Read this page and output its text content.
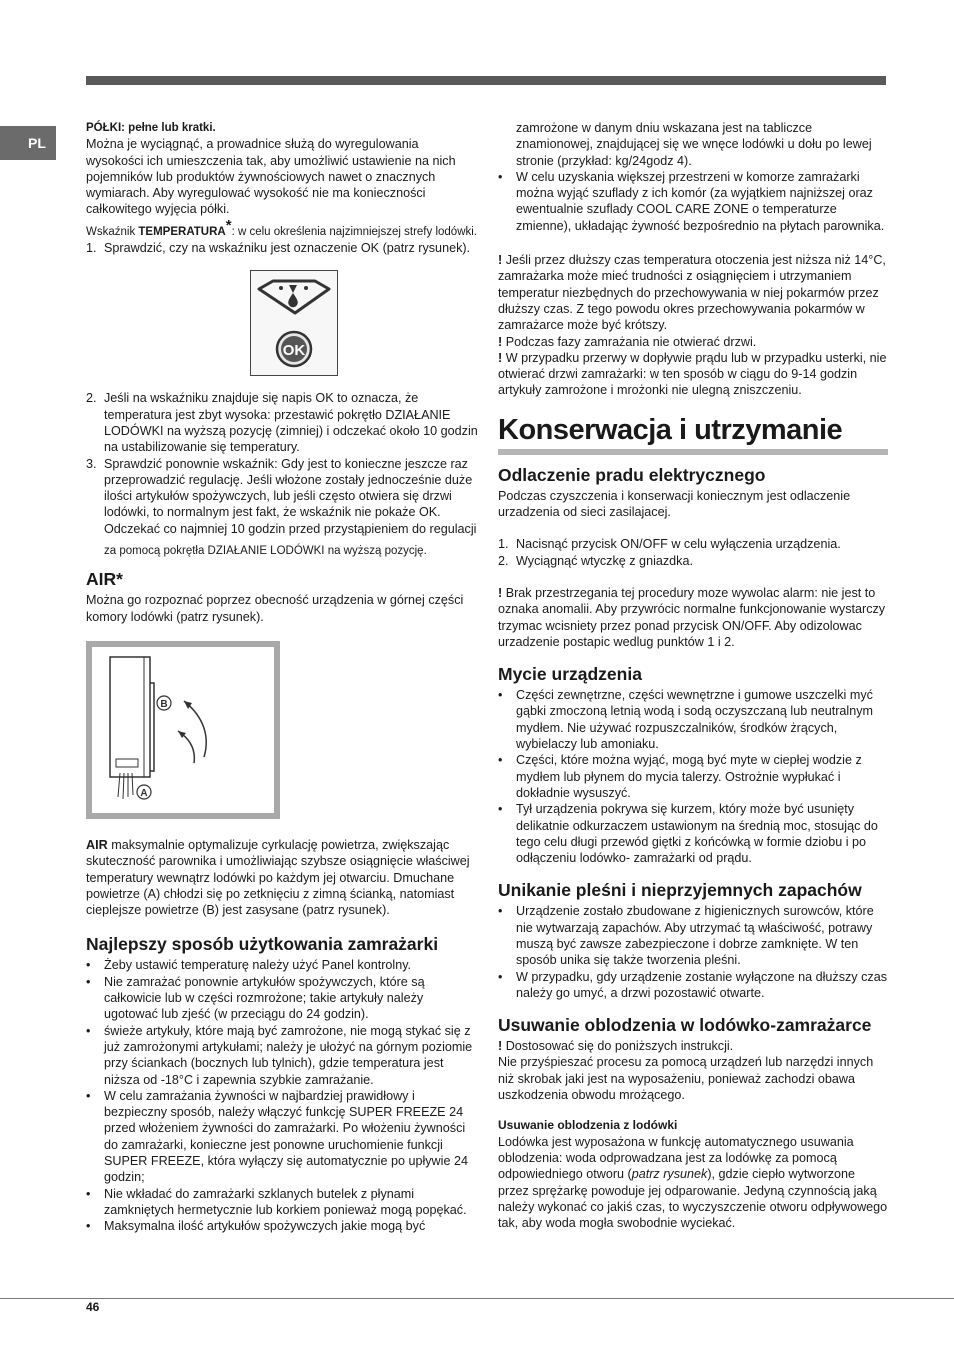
PL

PÓŁKI: pełne lub kratki.

Można je wyciągnąć, a prowadnice służą do wyregulowania wysokości ich umieszczenia tak, aby umożliwić ustawienie na nich pojemników lub produktów żywnościowych nawet o znacznych wymiarach. Aby wyregulować wysokość nie ma konieczności całkowitego wyjęcia półki.

Wskaźnik TEMPERATURA*: w celu określenia najzimniejszej strefy lodówki.

1. Sprawdzić, czy na wskaźniku jest oznaczenie OK (patrz rysunek).
OK
2. Jeśli na wskaźniku znajduje się napis OK to oznacza, że temperatura jest zbyt wysoka: przestawić pokrętło DZIAŁANIE LODÓWKI na wyższą pozycję (zimniej) i odczekać około 10 godzin na ustabilizowanie się temperatury.
3. Sprawdzić ponownie wskaźnik: Gdy jest to konieczne jeszcze raz przeprowadzić regulację. Jeśli włożone zostały jednocześnie duże ilości artykułów spożywczych, lub jeśli często otwiera się drzwi lodówki, to normalnym jest fakt, że wskaźnik nie pokaże OK. Odczekać co najmniej 10 godzin przed przystąpieniem do regulacji

za pomocą pokrętła DZIAŁANIE LODÓWKI na wyższą pozycję.

AIR*

Można go rozpoznać poprzez obecność urządzenia w górnej części komory lodówki (patrz rysunek).

B
A

AIR maksymalnie optymalizuje cyrkulację powietrza, zwiększając skuteczność parownika i umożliwiając szybsze osiągnięcie właściwej temperatury wewnątrz lodówki po każdym jej otwarciu. Dmuchane powietrze (A) chłodzi się po zetknięciu z zimną ścianką, natomiast cieplejsze powietrze (B) jest zasysane (patrz rysunek).

Najlepszy sposób użytkowania zamrażarki
• Żeby ustawić temperaturę należy użyć Panel kontrolny.
• Nie zamrażać ponownie artykułów spożywczych, które są całkowicie lub w części rozmrożone; takie artykuły należy ugotować lub zjeść (w przeciągu do 24 godzin).
• świeże artykuły, które mają być zamrożone, nie mogą stykać się z już zamrożonymi artykułami; należy je ułożyć na górnym poziomie przy ściankach (bocznych lub tylnich), gdzie temperatura jest niższa od -18°C i zapewnia szybkie zamrażanie.
• W celu zamrażania żywności w najbardziej prawidłowy i bezpieczny sposób, należy włączyć funkcję SUPER FREEZE 24 przed włożeniem żywności do zamrażarki. Po włożeniu żywności do zamrażarki, konieczne jest ponowne uruchomienie funkcji SUPER FREEZE, która wyłączy się automatycznie po upływie 24 godzin;
• Nie wkładać do zamrażarki szklanych butelek z płynami zamkniętych hermetycznie lub korkiem ponieważ mogą popękać.
• Maksymalna ilość artykułów spożywczych jakie mogą być

zamrożone w danym dniu wskazana jest na tabliczce znamionowej, znajdującej się we wnęce lodówki u dołu po lewej stronie (przykład: kg/24godz 4).

• W celu uzyskania większej przestrzeni w komorze zamrażarki można wyjąć szuflady z ich komór (za wyjątkiem najniższej oraz ewentualnie szuflady COOL CARE ZONE o temperaturze zmienne), układając żywność bezpośrednio na płytach parownika.

! Jeśli przez dłuższy czas temperatura otoczenia jest niższa niż 14°C, zamrażarka może mieć trudności z osiągnięciem i utrzymaniem temperatur niezbędnych do przechowywania w niej pokarmów przez dłuższy czas. Z tego powodu okres przechowywania pokarmów w zamrażarce może być krótszy.

! Podczas fazy zamrażania nie otwierać drzwi.

! W przypadku przerwy w dopływie prądu lub w przypadku usterki, nie otwierać drzwi zamrażarki: w ten sposób w ciągu do 9-14 godzin artykuły zamrożone i mrożonki nie ulegną zniszczeniu.

Konserwacja i utrzymanie
Odlaczenie pradu elektrycznego

Podczas czyszczenia i konserwacji koniecznym jest odlaczenie urzadzenia od sieci zasilajacej.

1. Nacisnąć przycisk ON/OFF w celu wyłączenia urządzenia.
2. Wyciągnąć wtyczkę z gniazdka.

! Brak przestrzegania tej procedury moze wywolac alarm: nie jest to oznaka anomalii. Aby przywrócic normalne funkcjonowanie wystarczy trzymac wcisniety przez ponad przycisk ON/OFF. Aby odizolowac urzadzenie postapic wedlug punktów 1 i 2.

Mycie urządzenia
• Części zewnętrzne, części wewnętrzne i gumowe uszczelki myć gąbki zmoczoną letnią wodą i sodą oczyszczaną lub neutralnym mydłem. Nie używać rozpuszczalników, środków żrących, wybielaczy lub amoniaku.
• Części, które można wyjąć, mogą być myte w ciepłej wodzie z mydłem lub płynem do mycia talerzy. Ostrożnie wypłukać i dokładnie wysuszyć.
• Tył urządzenia pokrywa się kurzem, który może być usunięty delikatnie odkurzaczem ustawionym na średnią moc, stosując do tego celu długi przewód giętki z końcówką w formie dziobu i po odłączeniu lodówko- zamrażarki od prądu.
Unikanie pleśni i nieprzyjemnych zapachów
• Urządzenie zostało zbudowane z higienicznych surowców, które nie wytwarzają zapachów. Aby utrzymać tą właściwość, potrawy muszą być zawsze zabezpieczone i dobrze zamknięte. W ten sposób unika się także tworzenia pleśni.
• W przypadku, gdy urządzenie zostanie wyłączone na dłuższy czas należy go umyć, a drzwi pozostawić otwarte.
Usuwanie oblodzenia w lodówko-zamrażarce

! Dostosować się do poniższych instrukcji.

Nie przyśpieszać procesu za pomocą urządzeń lub narzędzi innych niż skrobak jaki jest na wyposażeniu, ponieważ zachodzi obawa uszkodzenia obwodu mrożącego.

Usuwanie oblodzenia z lodówki

Lodówka jest wyposażona w funkcję automatycznego usuwania oblodzenia: woda odprowadzana jest za lodówkę za pomocą odpowiedniego otworu (patrz rysunek), gdzie ciepło wytworzone przez sprężarkę powoduje jej odparowanie. Jedyną czynnością jaką należy wykonać co jakiś czas, to wyczyszczenie otworu odpływowego tak, aby woda mogła swobodnie wyciekać.

46
